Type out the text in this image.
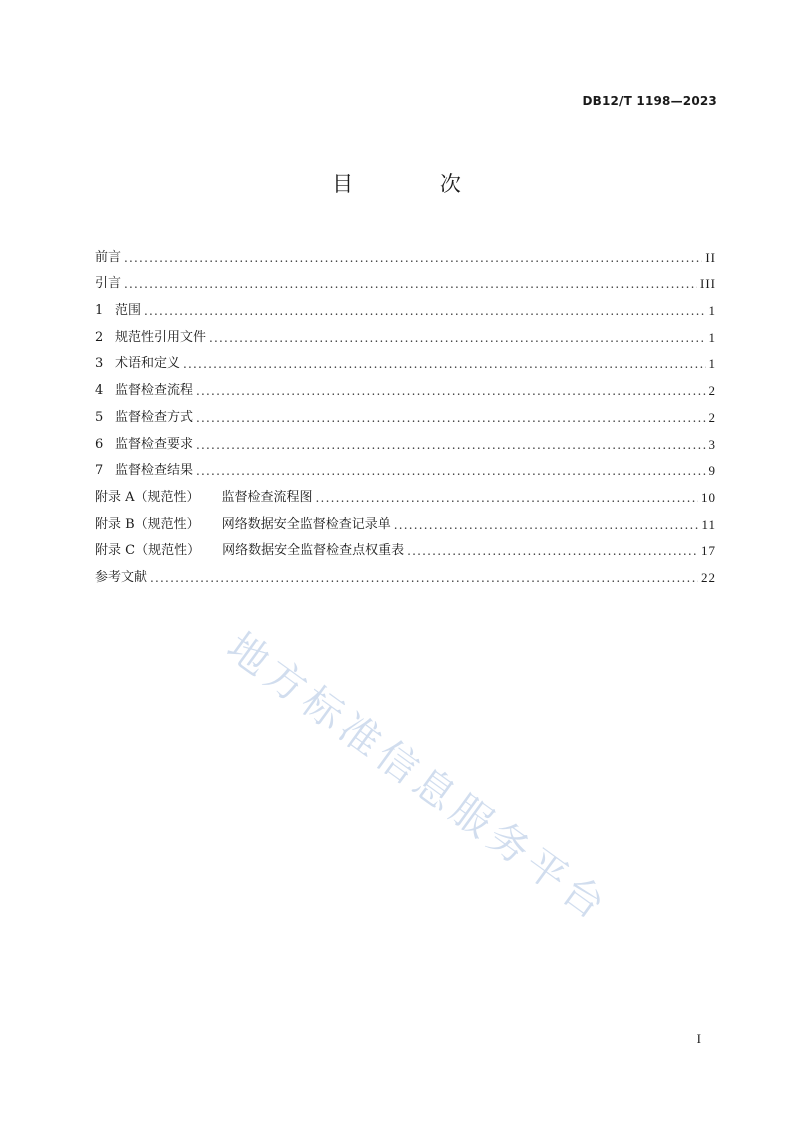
DB12/T 1198—2023
目 次
前言 .....	II
引言 .....	III
1 范围 .....	1
2 规范性引用文件 .....	1
3 术语和定义 .....	1
4 监督检查流程 .....	2
5 监督检查方式 .....	2
6 监督检查要求 .....	3
7 监督检查结果 .....	9
附录 A（规范性） 监督检查流程图 .....	10
附录 B（规范性） 网络数据安全监督检查记录单 .....	11
附录 C（规范性） 网络数据安全监督检查点权重表 .....	17
参考文献 .....	22
地方标准信息服务平台
I
